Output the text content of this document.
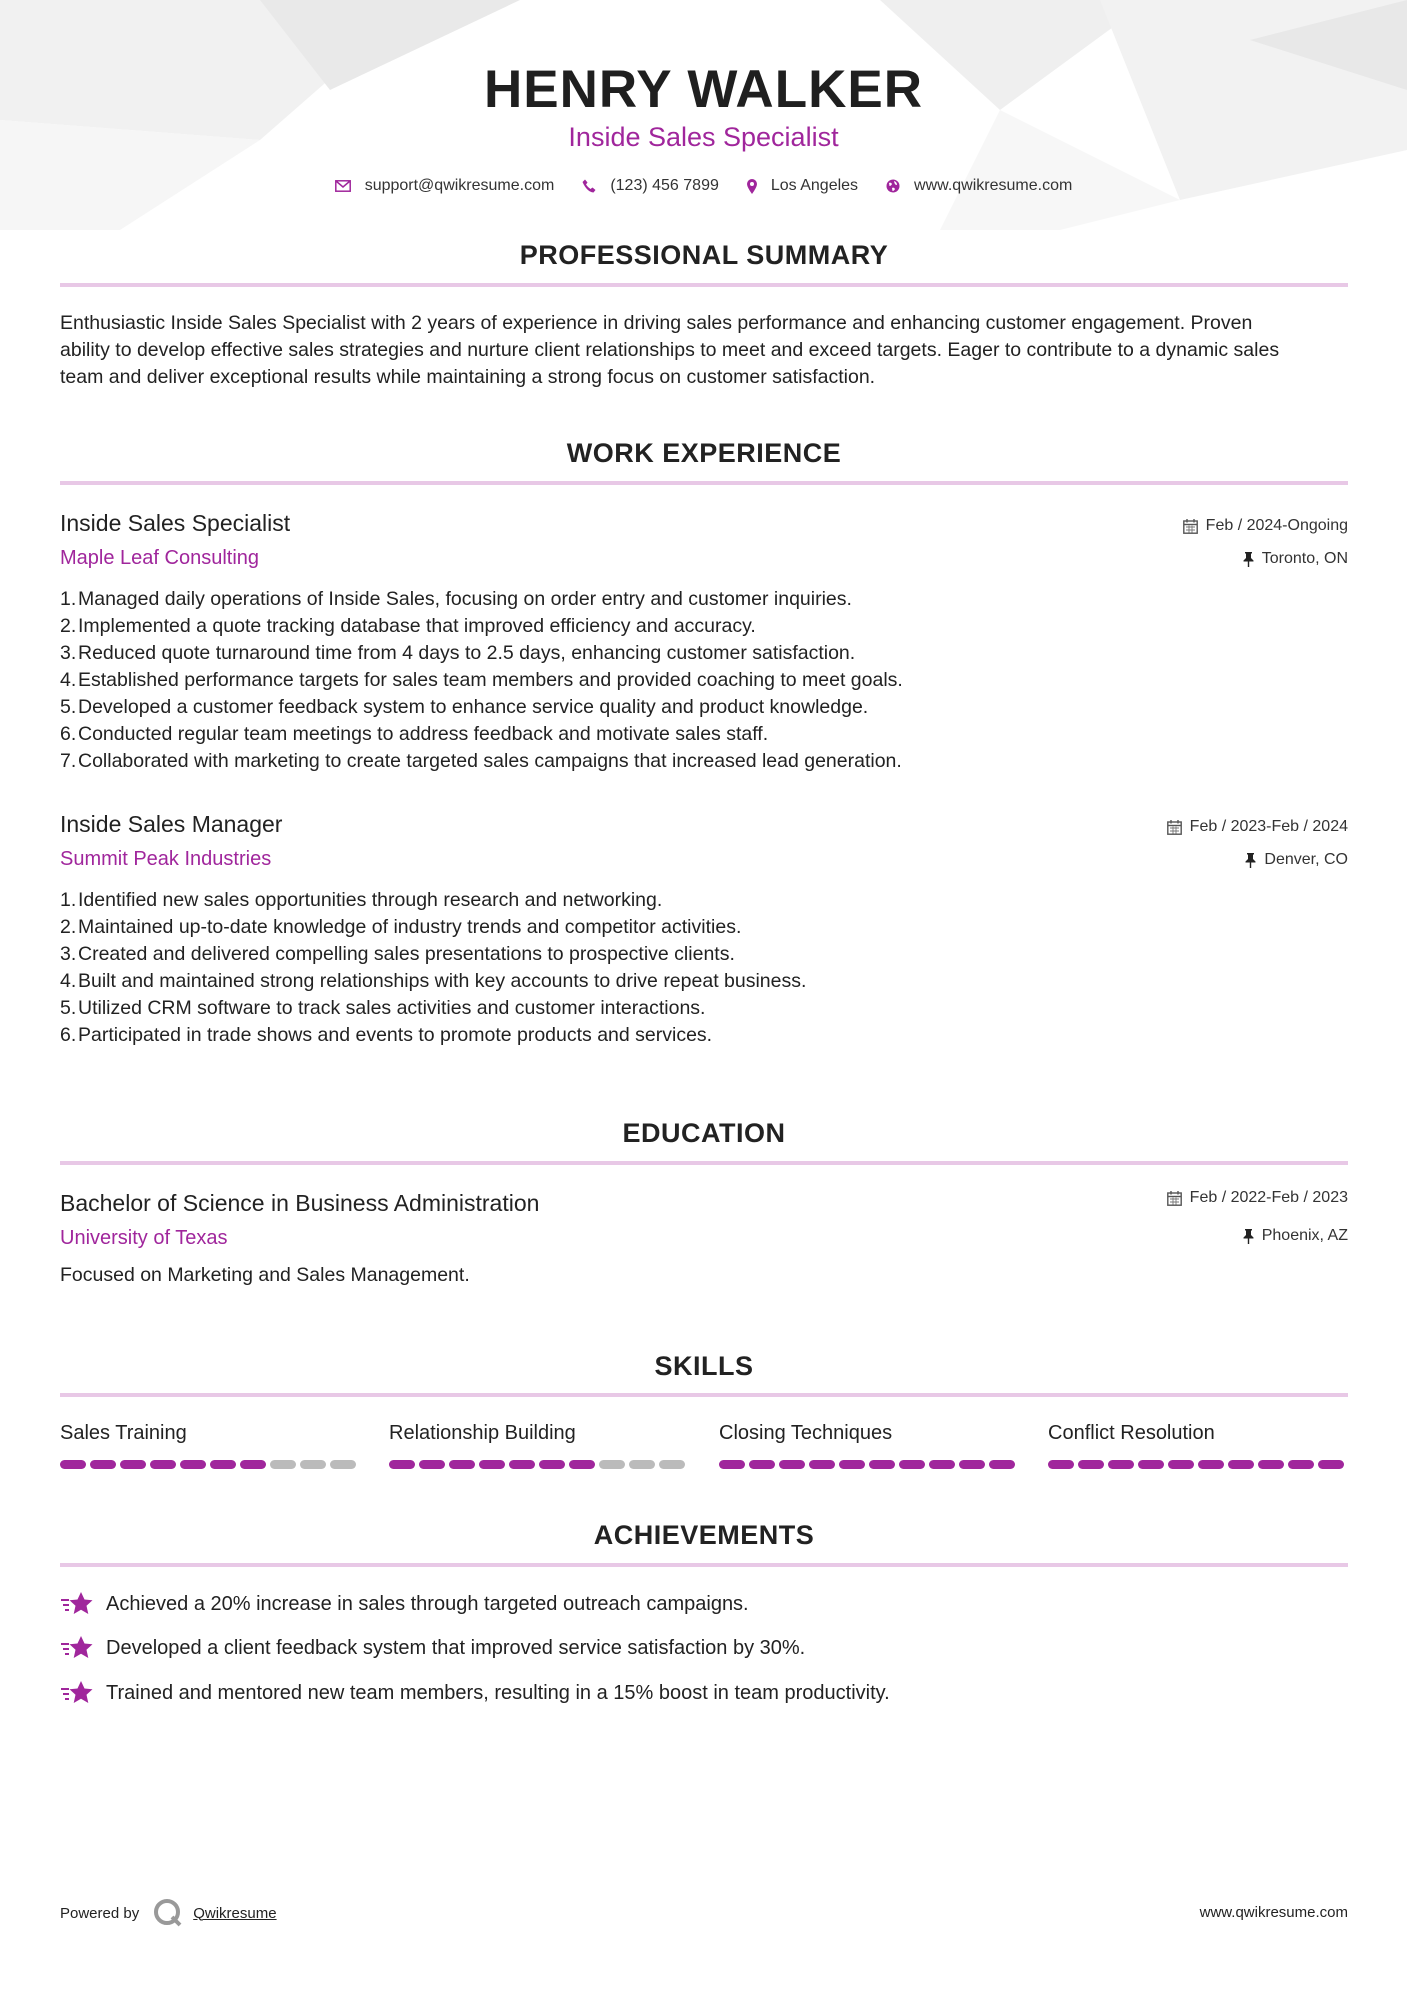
HENRY WALKER
Inside Sales Specialist
support@qwikresume.com	(123) 456 7899	Los Angeles	www.qwikresume.com
PROFESSIONAL SUMMARY
Enthusiastic Inside Sales Specialist with 2 years of experience in driving sales performance and enhancing customer engagement. Proven
ability to develop effective sales strategies and nurture client relationships to meet and exceed targets. Eager to contribute to a dynamic sales
team and deliver exceptional results while maintaining a strong focus on customer satisfaction.
WORK EXPERIENCE
Inside Sales Specialist
Maple Leaf Consulting
Feb / 2024-Ongoing
Toronto, ON
1. Managed daily operations of Inside Sales, focusing on order entry and customer inquiries.
2. Implemented a quote tracking database that improved efficiency and accuracy.
3. Reduced quote turnaround time from 4 days to 2.5 days, enhancing customer satisfaction.
4. Established performance targets for sales team members and provided coaching to meet goals.
5. Developed a customer feedback system to enhance service quality and product knowledge.
6. Conducted regular team meetings to address feedback and motivate sales staff.
7. Collaborated with marketing to create targeted sales campaigns that increased lead generation.
Inside Sales Manager
Summit Peak Industries
Feb / 2023-Feb / 2024
Denver, CO
1. Identified new sales opportunities through research and networking.
2. Maintained up-to-date knowledge of industry trends and competitor activities.
3. Created and delivered compelling sales presentations to prospective clients.
4. Built and maintained strong relationships with key accounts to drive repeat business.
5. Utilized CRM software to track sales activities and customer interactions.
6. Participated in trade shows and events to promote products and services.
EDUCATION
Bachelor of Science in Business Administration
University of Texas
Feb / 2022-Feb / 2023
Phoenix, AZ
Focused on Marketing and Sales Management.
SKILLS
Sales Training	Relationship Building	Closing Techniques	Conflict Resolution
ACHIEVEMENTS
Achieved a 20% increase in sales through targeted outreach campaigns.
Developed a client feedback system that improved service satisfaction by 30%.
Trained and mentored new team members, resulting in a 15% boost in team productivity.
Powered by	Qwikresume	www.qwikresume.com
